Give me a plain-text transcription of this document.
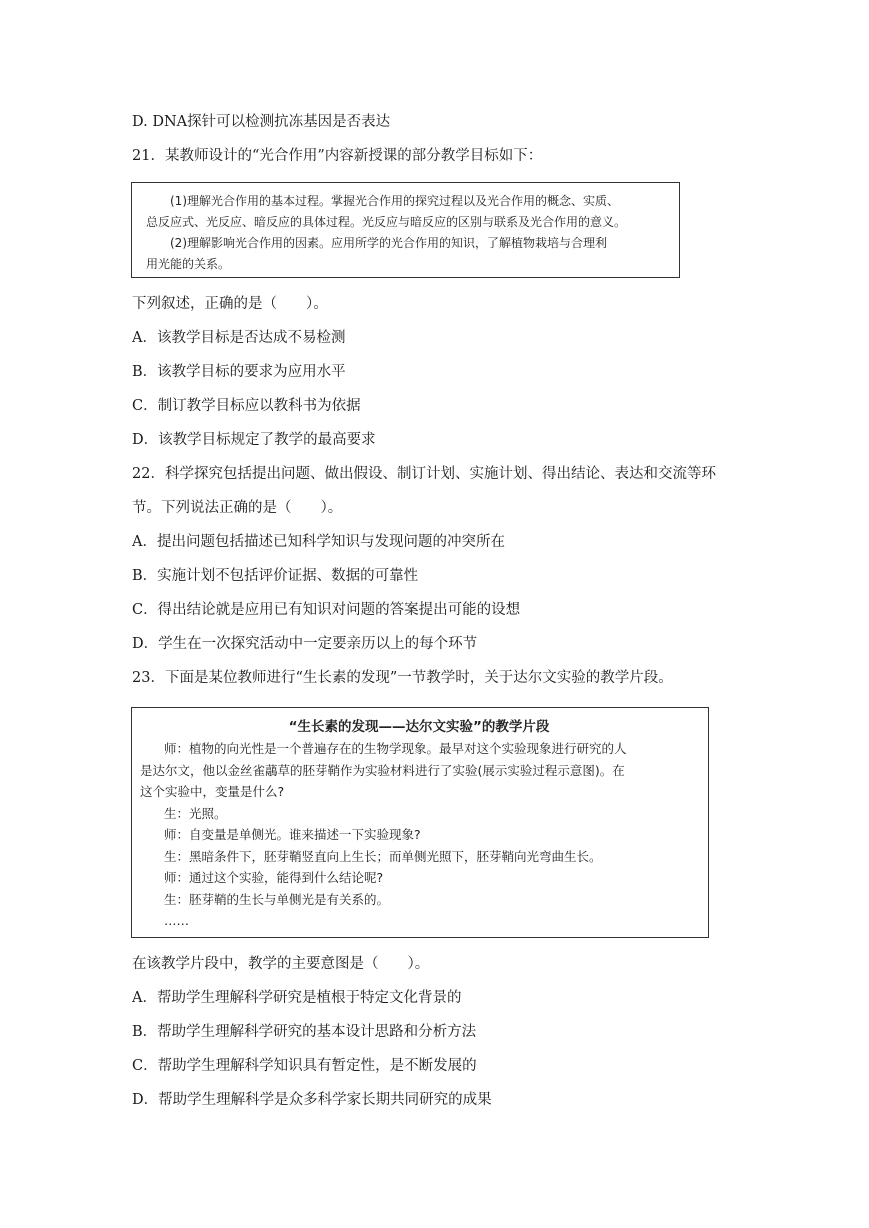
D. DNA探针可以检测抗冻基因是否表达
21．某教师设计的“光合作用”内容新授课的部分教学目标如下：
下列叙述，正确的是（　　）。
A．该教学目标是否达成不易检测
B．该教学目标的要求为应用水平
C．制订教学目标应以教科书为依据
D．该教学目标规定了教学的最高要求
22．科学探究包括提出问题、做出假设、制订计划、实施计划、得出结论、表达和交流等环
节。下列说法正确的是（　　）。
A．提出问题包括描述已知科学知识与发现问题的冲突所在
B．实施计划不包括评价证据、数据的可靠性
C．得出结论就是应用已有知识对问题的答案提出可能的设想
D．学生在一次探究活动中一定要亲历以上的每个环节
23．下面是某位教师进行“生长素的发现”一节教学时，关于达尔文实验的教学片段。
在该教学片段中，教学的主要意图是（　　）。
A．帮助学生理解科学研究是植根于特定文化背景的
B．帮助学生理解科学研究的基本设计思路和分析方法
C．帮助学生理解科学知识具有暂定性，是不断发展的
D．帮助学生理解科学是众多科学家长期共同研究的成果
(1)理解光合作用的基本过程。掌握光合作用的探究过程以及光合作用的概念、实质、
总反应式、光反应、暗反应的具体过程。光反应与暗反应的区别与联系及光合作用的意义。
(2)理解影响光合作用的因素。应用所学的光合作用的知识，了解植物栽培与合理利
用光能的关系。
“生长素的发现——达尔文实验”的教学片段
师：植物的向光性是一个普遍存在的生物学现象。最早对这个实验现象进行研究的人
是达尔文，他以金丝雀虉草的胚芽鞘作为实验材料进行了实验(展示实验过程示意图)。在
这个实验中，变量是什么?
生：光照。
师：自变量是单侧光。谁来描述一下实验现象?
生：黑暗条件下，胚芽鞘竖直向上生长；而单侧光照下，胚芽鞘向光弯曲生长。
师：通过这个实验，能得到什么结论呢?
生：胚芽鞘的生长与单侧光是有关系的。
……
